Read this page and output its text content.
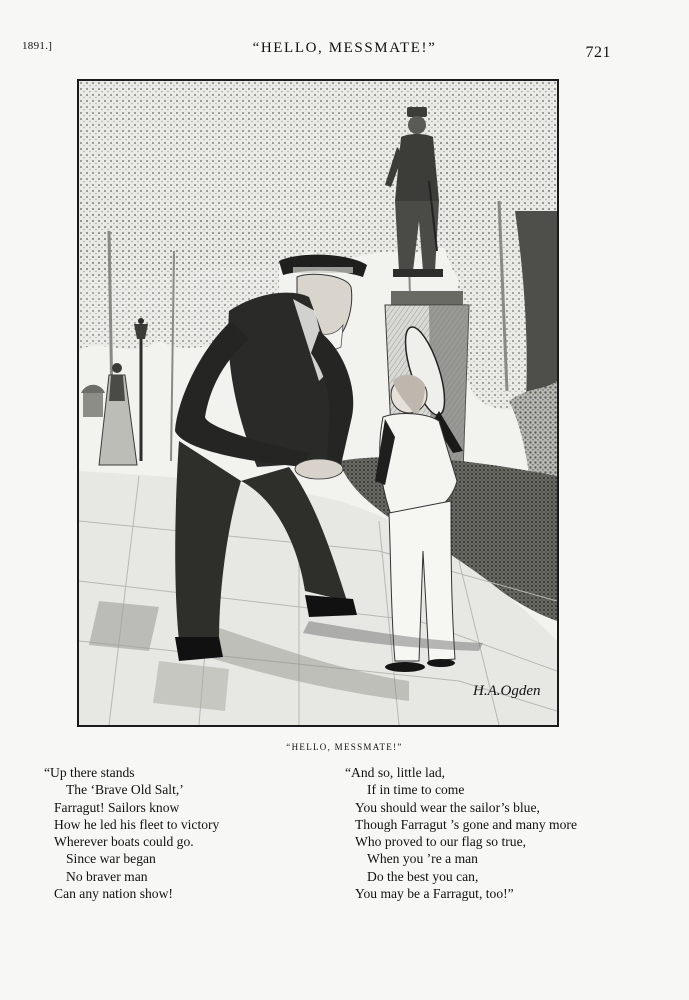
1891.]	“HELLO, MESSMATE!”	721
H.A.Ogden
“HELLO, MESSMATE!”
“Up there stands
The ‘Brave Old Salt,’
Farragut! Sailors know
How he led his fleet to victory
Wherever boats could go.
Since war began
No braver man
Can any nation show!
“And so, little lad,
If in time to come
You should wear the sailor’s blue,
Though Farragut ’s gone and many more
Who proved to our flag so true,
When you ’re a man
Do the best you can,
You may be a Farragut, too!”
